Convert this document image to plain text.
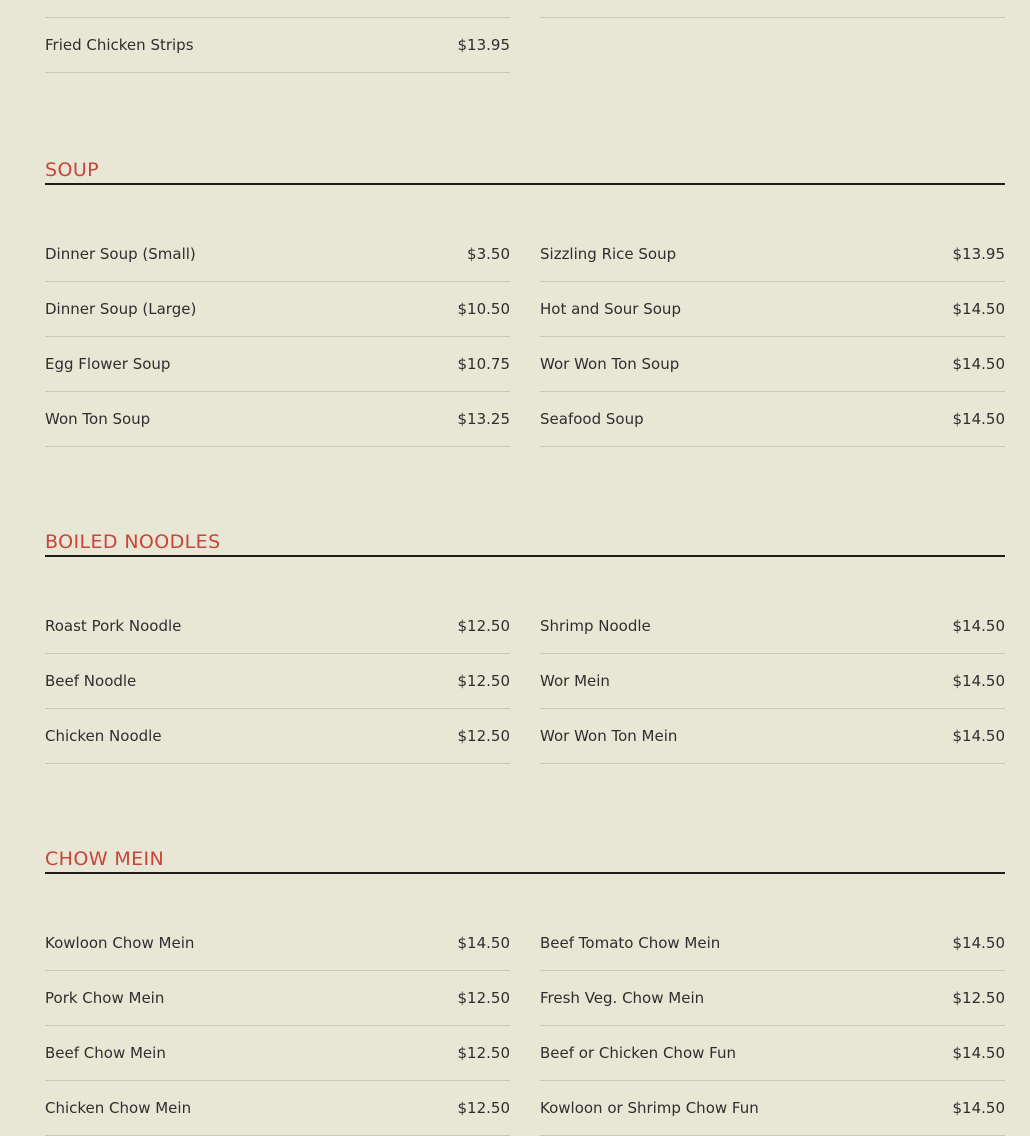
Fried Chicken Strips	$13.95
SOUP
Dinner Soup (Small)	$3.50 Sizzling Rice Soup	$13.95
Dinner Soup (Large)	$10.50 Hot and Sour Soup	$14.50
Egg Flower Soup	$10.75 Wor Won Ton Soup	$14.50
Won Ton Soup	$13.25 Seafood Soup	$14.50
BOILED NOODLES
Roast Pork Noodle	$12.50 Shrimp Noodle	$14.50
Beef Noodle	$12.50 Wor Mein	$14.50
Chicken Noodle	$12.50 Wor Won Ton Mein	$14.50
CHOW MEIN
Kowloon Chow Mein	$14.50 Beef Tomato Chow Mein	$14.50
Pork Chow Mein	$12.50 Fresh Veg. Chow Mein	$12.50
Beef Chow Mein	$12.50 Beef or Chicken Chow Fun	$14.50
Chicken Chow Mein	$12.50 Kowloon or Shrimp Chow Fun	$14.50
